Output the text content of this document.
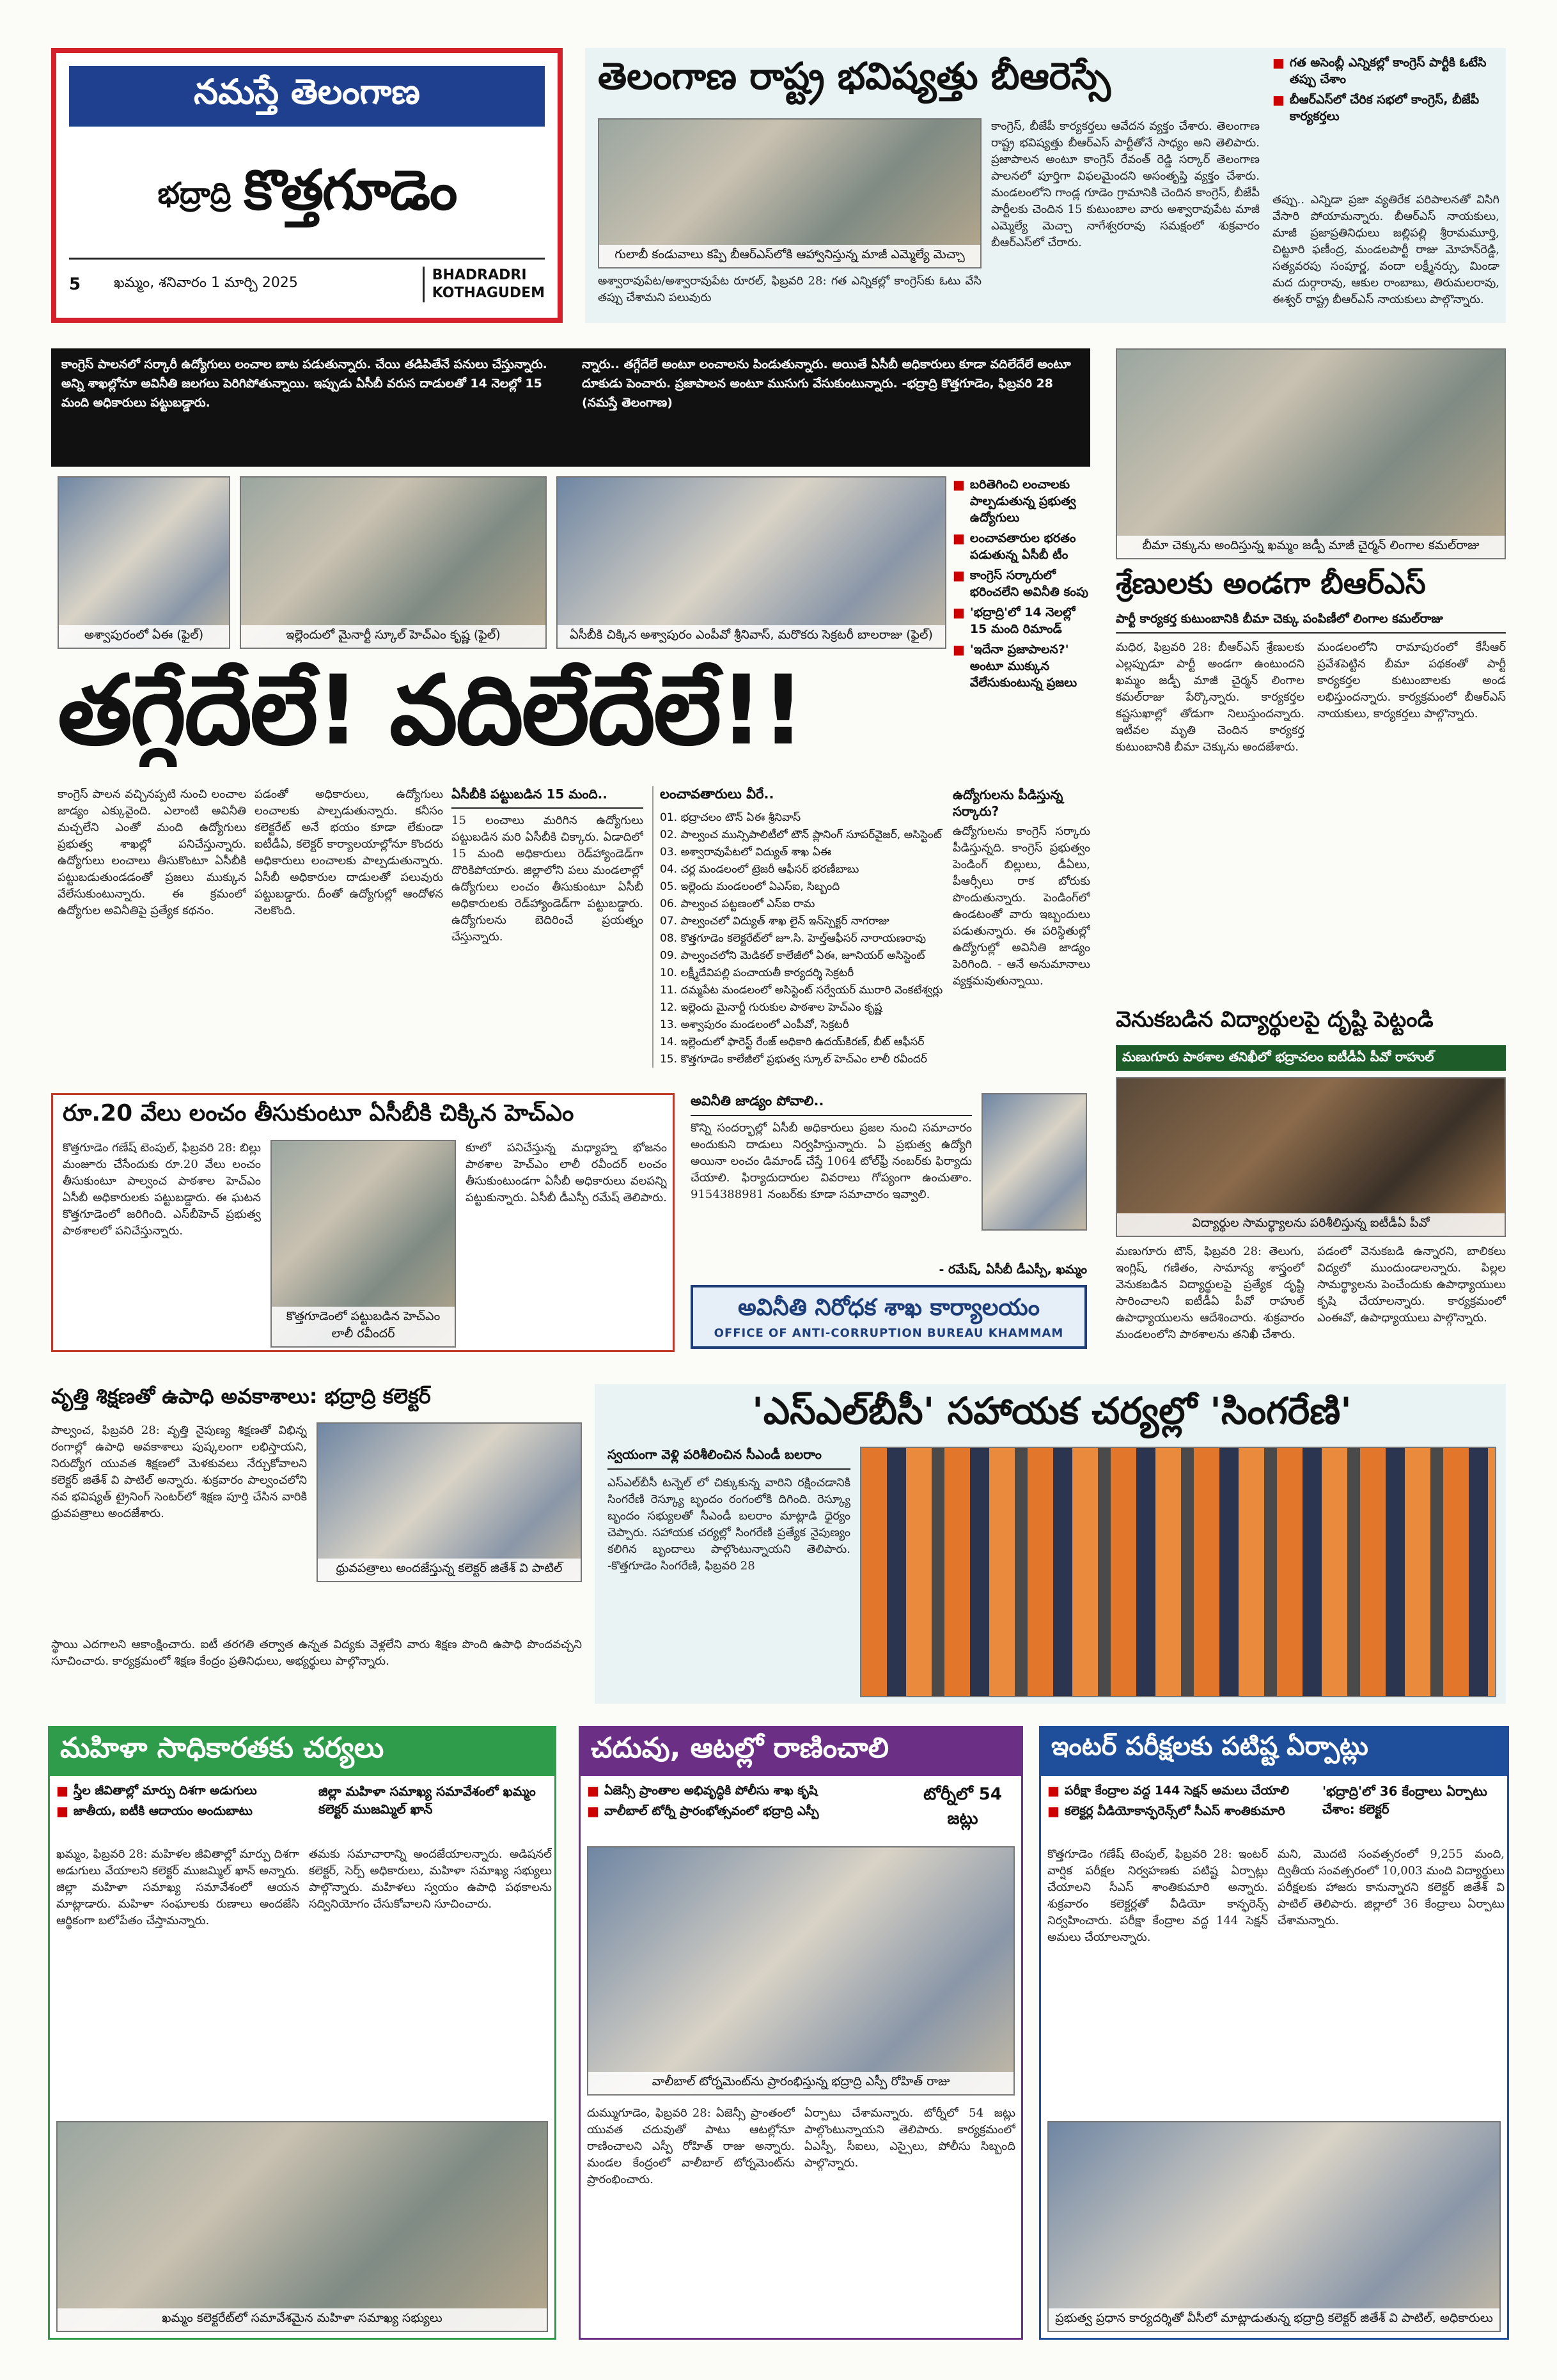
నమస్తే తెలంగాణ
భద్రాద్రి కొత్తగూడెం
5	ఖమ్మం, శనివారం 1 మార్చి 2025	BHADRADRI
KOTHAGUDEM
తెలంగాణ రాష్ట్ర భవిష్యత్తు బీఆరెస్సే	■ గత అసెంబ్లీ ఎన్నికల్లో కాంగ్రెస్ పార్టీకి ఓటేసి తప్పు చేశాం
■ బీఆర్ఎస్‌లో చేరిక సభలో కాంగ్రెస్, బీజేపీ కార్యకర్తలు
గులాబీ కండువాలు కప్పి బీఆర్ఎస్‌లోకి ఆహ్వానిస్తున్న మాజీ ఎమ్మెల్యే మెచ్చా
అశ్వారావుపేట/అశ్వారావుపేట రూరల్, ఫిబ్రవరి 28: గత ఎన్నికల్లో కాంగ్రెస్‌కు ఓటు వేసి తప్పు చేశామని పలువురు
కాంగ్రెస్, బీజేపీ కార్యకర్తలు ఆవేదన వ్యక్తం చేశారు. తెలంగాణ రాష్ట్ర భవిష్యత్తు బీఆర్ఎస్ పార్టీతోనే సాధ్యం అని తెలిపారు. ప్రజాపాలన అంటూ కాంగ్రెస్ రేవంత్ రెడ్డి సర్కార్ తెలంగాణ పాలనలో పూర్తిగా విఫలమైందని అసంతృప్తి వ్యక్తం చేశారు. మండలంలోని గాండ్ల గూడెం గ్రామానికి చెందిన కాంగ్రెస్, బీజేపీ పార్టీలకు చెందిన 15 కుటుంబాల వారు అశ్వారావుపేట మాజీ ఎమ్మెల్యే మెచ్చా నాగేశ్వరరావు సమక్షంలో శుక్రవారం బీఆర్ఎస్‌లో చేరారు.
తప్పు.. ఎన్నిడా ప్రజా వ్యతిరేక పరిపాలనతో విసిగి వేసారి పోయామన్నారు. బీఆర్ఎస్ నాయకులు, మాజీ ప్రజాప్రతినిధులు జల్లిపల్లి శ్రీరామమూర్తి, చిట్టూరి ఫణీంద్ర, మండలపార్టీ రాజు మోహన్‌రెడ్డి, సత్యవరపు సంపూర్ణ, వందా లక్ష్మీనర్సు, మిండా మద దుర్గారావు, ఆకుల రాంబాబు, తిరుమలరావు, ఈశ్వర్ రాష్ట్ర బీఆర్ఎస్ నాయకులు పాల్గొన్నారు.
కాంగ్రెస్ పాలనలో సర్కారీ ఉద్యోగులు లంచాల బాట పడుతున్నారు. చేయి తడిపితేనే పనులు చేస్తున్నారు. అన్ని శాఖల్లోనూ అవినీతి జలగలు పెరిగిపోతున్నాయి. ఇప్పుడు ఏసీబీ వరుస దాడులతో 14 నెలల్లో 15 మంది అధికారులు పట్టుబడ్డారు.
న్నారు.. తగ్గేదేలే అంటూ లంచాలను పిండుతున్నారు. అయితే ఏసీబీ అధికారులు కూడా వదిలేదేలే అంటూ దూకుడు పెంచారు. ప్రజాపాలన అంటూ ముసుగు వేసుకుంటున్నారు. -భద్రాద్రి కొత్తగూడెం, ఫిబ్రవరి 28 (నమస్తే తెలంగాణ)
అశ్వాపురంలో ఏఈ (ఫైల్)	ఇల్లెందులో మైనార్టీ స్కూల్ హెచ్‌ఎం కృష్ణ (ఫైల్)	ఏసీబీకి చిక్కిన అశ్వాపురం ఎంపీవో శ్రీనివాస్, మరొకరు సెక్రటరీ బాలరాజు (ఫైల్)
■ బరితెగించి లంచాలకు పాల్పడుతున్న ప్రభుత్వ ఉద్యోగులు
■ లంచావతారుల భరతం పడుతున్న ఏసీబీ టీం
■ కాంగ్రెస్ సర్కారులో భరించలేని అవినీతి కంపు
■ 'భద్రాద్రి'లో 14 నెలల్లో 15 మంది రిమాండ్
■ 'ఇదేనా ప్రజాపాలన?' అంటూ ముక్కున వేలేసుకుంటున్న ప్రజలు
తగ్గేదేలే! వదిలేదేలే!!
కాంగ్రెస్ పాలన వచ్చినప్పటి నుంచి లంచాల జాడ్యం ఎక్కువైంది. ఎలాంటి అవినీతి మచ్చలేని ఎంతో మంది ఉద్యోగులు ప్రభుత్వ శాఖల్లో పనిచేస్తున్నారు. ఉద్యోగులు లంచాలు తీసుకొంటూ ఏసీబీకి పట్టుబడుతుండడంతో ప్రజలు ముక్కున వేలేసుకుంటున్నారు. ఈ క్రమంలో ఉద్యోగుల అవినీతిపై ప్రత్యేక కథనం.
పడంతో అధికారులు, ఉద్యోగులు లంచాలకు పాల్పడుతున్నారు. కనీసం కలెక్టరేట్ అనే భయం కూడా లేకుండా ఐటీడీఏ, కలెక్టర్ కార్యాలయాల్లోనూ కొందరు అధికారులు లంచాలకు పాల్పడుతున్నారు. ఏసీబీ అధికారుల దాడులతో పలువురు పట్టుబడ్డారు. దీంతో ఉద్యోగుల్లో ఆందోళన నెలకొంది.
ఏసీబీకి పట్టుబడిన 15 మంది..
15 లంచాలు మరిగిన ఉద్యోగులు పట్టుబడిన మరి ఏసీబీకి చిక్కారు. ఏడాదిలో 15 మంది అధికారులు రెడ్‌హ్యాండెడ్‌గా దొరికిపోయారు. జిల్లాలోని పలు మండలాల్లో ఉద్యోగులు లంచం తీసుకుంటూ ఏసీబీ అధికారులకు రెడ్‌హ్యాండెడ్‌గా పట్టుబడ్డారు. ఉద్యోగులను బెదిరించే ప్రయత్నం చేస్తున్నారు.
లంచావతారులు వీరే..
01. భద్రాచలం టౌన్ ఏఈ శ్రీనివాస్
02. పాల్వంచ మున్సిపాలిటీలో టౌన్ ప్లానింగ్ సూపర్‌వైజర్, అసిస్టెంట్
03. అశ్వారావుపేటలో విద్యుత్ శాఖ ఏఈ
04. చర్ల మండలంలో ట్రెజరీ ఆఫీసర్ భరణీబాబు
05. ఇల్లెందు మండలంలో ఏఎస్‌ఐ, సిబ్బంది
06. పాల్వంచ పట్టణంలో ఎస్‌ఐ రామ
07. పాల్వంచలో విద్యుత్ శాఖ లైన్ ఇన్‌స్పెక్టర్ నాగరాజు
08. కొత్తగూడెం కలెక్టరేట్‌లో జూ.సి. హెల్త్‌ఆఫీసర్ నారాయణరావు
09. పాల్వంచలోని మెడికల్ కాలేజీలో ఏఈ, జూనియర్ అసిస్టెంట్
10. లక్ష్మీదేవిపల్లి పంచాయతీ కార్యదర్శి సెక్రటరీ
11. దమ్మపేట మండలంలో అసిస్టెంట్ సర్వేయర్ మురారి వెంకటేశ్వర్లు
12. ఇల్లెందు మైనార్టీ గురుకుల పాఠశాల హెచ్‌ఎం కృష్ణ
13. అశ్వాపురం మండలంలో ఎంపీవో, సెక్రటరీ
14. ఇల్లెందులో ఫారెస్ట్ రేంజ్ అధికారి ఉదయ్‌కిరణ్, బీట్ ఆఫీసర్
15. కొత్తగూడెం కాలేజీలో ప్రభుత్వ స్కూల్ హెచ్‌ఎం లాలీ రవీందర్
ఉద్యోగులను పీడిస్తున్న సర్కారు?
ఉద్యోగులను కాంగ్రెస్ సర్కారు పీడిస్తున్నది. కాంగ్రెస్ ప్రభుత్వం పెండింగ్ బిల్లులు, డీఏలు, పీఆర్సీలు రాక బోరుకు పొందుతున్నారు. పెండింగ్‌లో ఉండటంతో వారు ఇబ్బందులు పడుతున్నారు. ఈ పరిస్థితుల్లో ఉద్యోగుల్లో అవినీతి జాడ్యం పెరిగింది. - ఆనే అనుమానాలు వ్యక్తమవుతున్నాయి.
రూ.20 వేలు లంచం తీసుకుంటూ ఏసీబీకి చిక్కిన హెచ్‌ఎం
కొత్తగూడెం గణేష్ టెంపుల్, ఫిబ్రవరి 28: బిల్లు మంజూరు చేసేందుకు రూ.20 వేలు లంచం తీసుకుంటూ పాల్వంచ పాఠశాల హెచ్‌ఎం ఏసీబీ అధికారులకు పట్టుబడ్డారు. ఈ ఘటన కొత్తగూడెంలో జరిగింది. ఎస్‌బీహెచ్ ప్రభుత్వ పాఠశాలలో పనిచేస్తున్నారు.
కొత్తగూడెంలో పట్టుబడిన హెచ్‌ఎం లాలీ రవీందర్
కూలో పనిచేస్తున్న మధ్యాహ్న భోజనం పాఠశాల హెచ్‌ఎం లాలీ రవీందర్ లంచం తీసుకుంటుండగా ఏసీబీ అధికారులు వలపన్ని పట్టుకున్నారు. ఏసీబీ డీఎస్పీ రమేష్ తెలిపారు.
అవినీతి జాడ్యం పోవాలి..
కొన్ని సందర్భాల్లో ఏసీబీ అధికారులు ప్రజల నుంచి సమాచారం అందుకుని దాడులు నిర్వహిస్తున్నారు. ఏ ప్రభుత్వ ఉద్యోగి అయినా లంచం డిమాండ్ చేస్తే 1064 టోల్‌ఫ్రీ నంబర్‌కు ఫిర్యాదు చేయాలి. ఫిర్యాదుదారుల వివరాలు గోప్యంగా ఉంచుతాం. 9154388981 నంబర్‌కు కూడా సమాచారం ఇవ్వాలి.
- రమేష్, ఏసీబీ డీఎస్పీ, ఖమ్మం
అవినీతి నిరోధక శాఖ కార్యాలయం
OFFICE OF ANTI-CORRUPTION BUREAU KHAMMAM
బీమా చెక్కును అందిస్తున్న ఖమ్మం జడ్పీ మాజీ చైర్మన్ లింగాల కమల్‌రాజు
శ్రేణులకు అండగా బీఆర్ఎస్
పార్టీ కార్యకర్త కుటుంబానికి బీమా చెక్కు పంపిణీలో లింగాల కమల్‌రాజు
మధిర, ఫిబ్రవరి 28: బీఆర్ఎస్ శ్రేణులకు ఎల్లప్పుడూ పార్టీ అండగా ఉంటుందని ఖమ్మం జడ్పీ మాజీ చైర్మన్ లింగాల కమల్‌రాజు పేర్కొన్నారు. కార్యకర్తల కష్టసుఖాల్లో తోడుగా నిలుస్తుందన్నారు. ఇటీవల మృతి చెందిన కార్యకర్త కుటుంబానికి బీమా చెక్కును అందజేశారు.
మండలంలోని రామాపురంలో కేసీఆర్ ప్రవేశపెట్టిన బీమా పథకంతో పార్టీ కార్యకర్తల కుటుంబాలకు అండ లభిస్తుందన్నారు. కార్యక్రమంలో బీఆర్ఎస్ నాయకులు, కార్యకర్తలు పాల్గొన్నారు.
వెనుకబడిన విద్యార్థులపై దృష్టి పెట్టండి
మణుగూరు పాఠశాల తనిఖీలో భద్రాచలం ఐటీడీఏ పీవో రాహుల్
విద్యార్థుల సామర్థ్యాలను పరిశీలిస్తున్న ఐటీడీఏ పీవో
మణుగూరు టౌన్, ఫిబ్రవరి 28: తెలుగు, ఇంగ్లిష్, గణితం, సామాన్య శాస్త్రంలో వెనుకబడిన విద్యార్థులపై ప్రత్యేక దృష్టి సారించాలని ఐటీడీఏ పీవో రాహుల్ ఉపాధ్యాయులను ఆదేశించారు. శుక్రవారం మండలంలోని పాఠశాలను తనిఖీ చేశారు.
పడంలో వెనుకబడి ఉన్నారని, బాలికలు విద్యలో ముందుండాలన్నారు. పిల్లల సామర్థ్యాలను పెంచేందుకు ఉపాధ్యాయులు కృషి చేయాలన్నారు. కార్యక్రమంలో ఎంఈవో, ఉపాధ్యాయులు పాల్గొన్నారు.
వృత్తి శిక్షణతో ఉపాధి అవకాశాలు: భద్రాద్రి కలెక్టర్
పాల్వంచ, ఫిబ్రవరి 28: వృత్తి నైపుణ్య శిక్షణతో విభిన్న రంగాల్లో ఉపాధి అవకాశాలు పుష్కలంగా లభిస్తాయని, నిరుద్యోగ యువత శిక్షణలో మెళకువలు నేర్చుకోవాలని కలెక్టర్ జితేశ్ వి పాటిల్ అన్నారు. శుక్రవారం పాల్వంచలోని నవ భవిష్యత్ ట్రైనింగ్ సెంటర్‌లో శిక్షణ పూర్తి చేసిన వారికి ధ్రువపత్రాలు అందజేశారు.
ధ్రువపత్రాలు అందజేస్తున్న కలెక్టర్ జితేశ్ వి పాటిల్
స్థాయి ఎదగాలని ఆకాంక్షించారు. ఐటీ తరగతి తర్వాత ఉన్నత విద్యకు వెళ్లలేని వారు శిక్షణ పొంది ఉపాధి పొందవచ్చని సూచించారు. కార్యక్రమంలో శిక్షణ కేంద్రం ప్రతినిధులు, అభ్యర్థులు పాల్గొన్నారు.
'ఎస్ఎల్‌బీసీ' సహాయక చర్యల్లో 'సింగరేణి'
స్వయంగా వెళ్లి పరిశీలించిన సీఎండీ బలరాం
ఎస్ఎల్‌బీసీ టన్నెల్ లో చిక్కుకున్న వారిని రక్షించడానికి సింగరేణి రెస్క్యూ బృందం రంగంలోకి దిగింది. రెస్క్యూ బృందం సభ్యులతో సీఎండీ బలరాం మాట్లాడి ధైర్యం చెప్పారు. సహాయక చర్యల్లో సింగరేణి ప్రత్యేక నైపుణ్యం కలిగిన బృందాలు పాల్గొంటున్నాయని తెలిపారు. -కొత్తగూడెం సింగరేణి, ఫిబ్రవరి 28
మహిళా సాధికారతకు చర్యలు
■ స్త్రీల జీవితాల్లో మార్పు దిశగా అడుగులు
■ జాతీయ, ఐటీకి ఆదాయం అందుబాటు
జిల్లా మహిళా సమాఖ్య సమావేశంలో ఖమ్మం కలెక్టర్ ముజమ్మిల్ ఖాన్
ఖమ్మం, ఫిబ్రవరి 28: మహిళల జీవితాల్లో మార్పు దిశగా అడుగులు వేయాలని కలెక్టర్ ముజమ్మిల్ ఖాన్ అన్నారు. జిల్లా మహిళా సమాఖ్య సమావేశంలో ఆయన మాట్లాడారు. మహిళా సంఘాలకు రుణాలు అందజేసి ఆర్థికంగా బలోపేతం చేస్తామన్నారు.
తమకు సమాచారాన్ని అందజేయాలన్నారు. అడిషనల్ కలెక్టర్, సెర్ప్ అధికారులు, మహిళా సమాఖ్య సభ్యులు పాల్గొన్నారు. మహిళలు స్వయం ఉపాధి పథకాలను సద్వినియోగం చేసుకోవాలని సూచించారు.
ఖమ్మం కలెక్టరేట్‌లో సమావేశమైన మహిళా సమాఖ్య సభ్యులు
చదువు, ఆటల్లో రాణించాలి
■ ఏజెన్సీ ప్రాంతాల అభివృద్ధికి పోలీసు శాఖ కృషి
■ వాలీబాల్ టోర్నీ ప్రారంభోత్సవంలో భద్రాద్రి ఎస్పీ
టోర్నీలో 54 జట్లు
వాలీబాల్ టోర్నమెంట్‌ను ప్రారంభిస్తున్న భద్రాద్రి ఎస్పీ రోహిత్ రాజు
దుమ్ముగూడెం, ఫిబ్రవరి 28: ఏజెన్సీ ప్రాంతంలో యువత చదువుతో పాటు ఆటల్లోనూ రాణించాలని ఎస్పీ రోహిత్ రాజు అన్నారు. మండల కేంద్రంలో వాలీబాల్ టోర్నమెంట్‌ను ప్రారంభించారు.
ఏర్పాటు చేశామన్నారు. టోర్నీలో 54 జట్లు పాల్గొంటున్నాయని తెలిపారు. కార్యక్రమంలో ఏఎస్పీ, సీఐలు, ఎస్సైలు, పోలీసు సిబ్బంది పాల్గొన్నారు.
ఇంటర్ పరీక్షలకు పటిష్ట ఏర్పాట్లు
■ పరీక్షా కేంద్రాల వద్ద 144 సెక్షన్ అమలు చేయాలి
■ కలెక్టర్ల వీడియోకాన్ఫరెన్స్‌లో సీఎస్ శాంతికుమారి
'భద్రాద్రి'లో 36 కేంద్రాలు ఏర్పాటు చేశాం: కలెక్టర్
కొత్తగూడెం గణేష్ టెంపుల్, ఫిబ్రవరి 28: ఇంటర్ వార్షిక పరీక్షల నిర్వహణకు పటిష్ట ఏర్పాట్లు చేయాలని సీఎస్ శాంతికుమారి అన్నారు. శుక్రవారం కలెక్టర్లతో వీడియో కాన్ఫరెన్స్ నిర్వహించారు. పరీక్షా కేంద్రాల వద్ద 144 సెక్షన్ అమలు చేయాలన్నారు.
మని, మొదటి సంవత్సరంలో 9,255 మంది, ద్వితీయ సంవత్సరంలో 10,003 మంది విద్యార్థులు పరీక్షలకు హాజరు కానున్నారని కలెక్టర్ జితేశ్ వి పాటిల్ తెలిపారు. జిల్లాలో 36 కేంద్రాలు ఏర్పాటు చేశామన్నారు.
ప్రభుత్వ ప్రధాన కార్యదర్శితో వీసీలో మాట్లాడుతున్న భద్రాద్రి కలెక్టర్ జితేశ్ వి పాటిల్, అధికారులు
